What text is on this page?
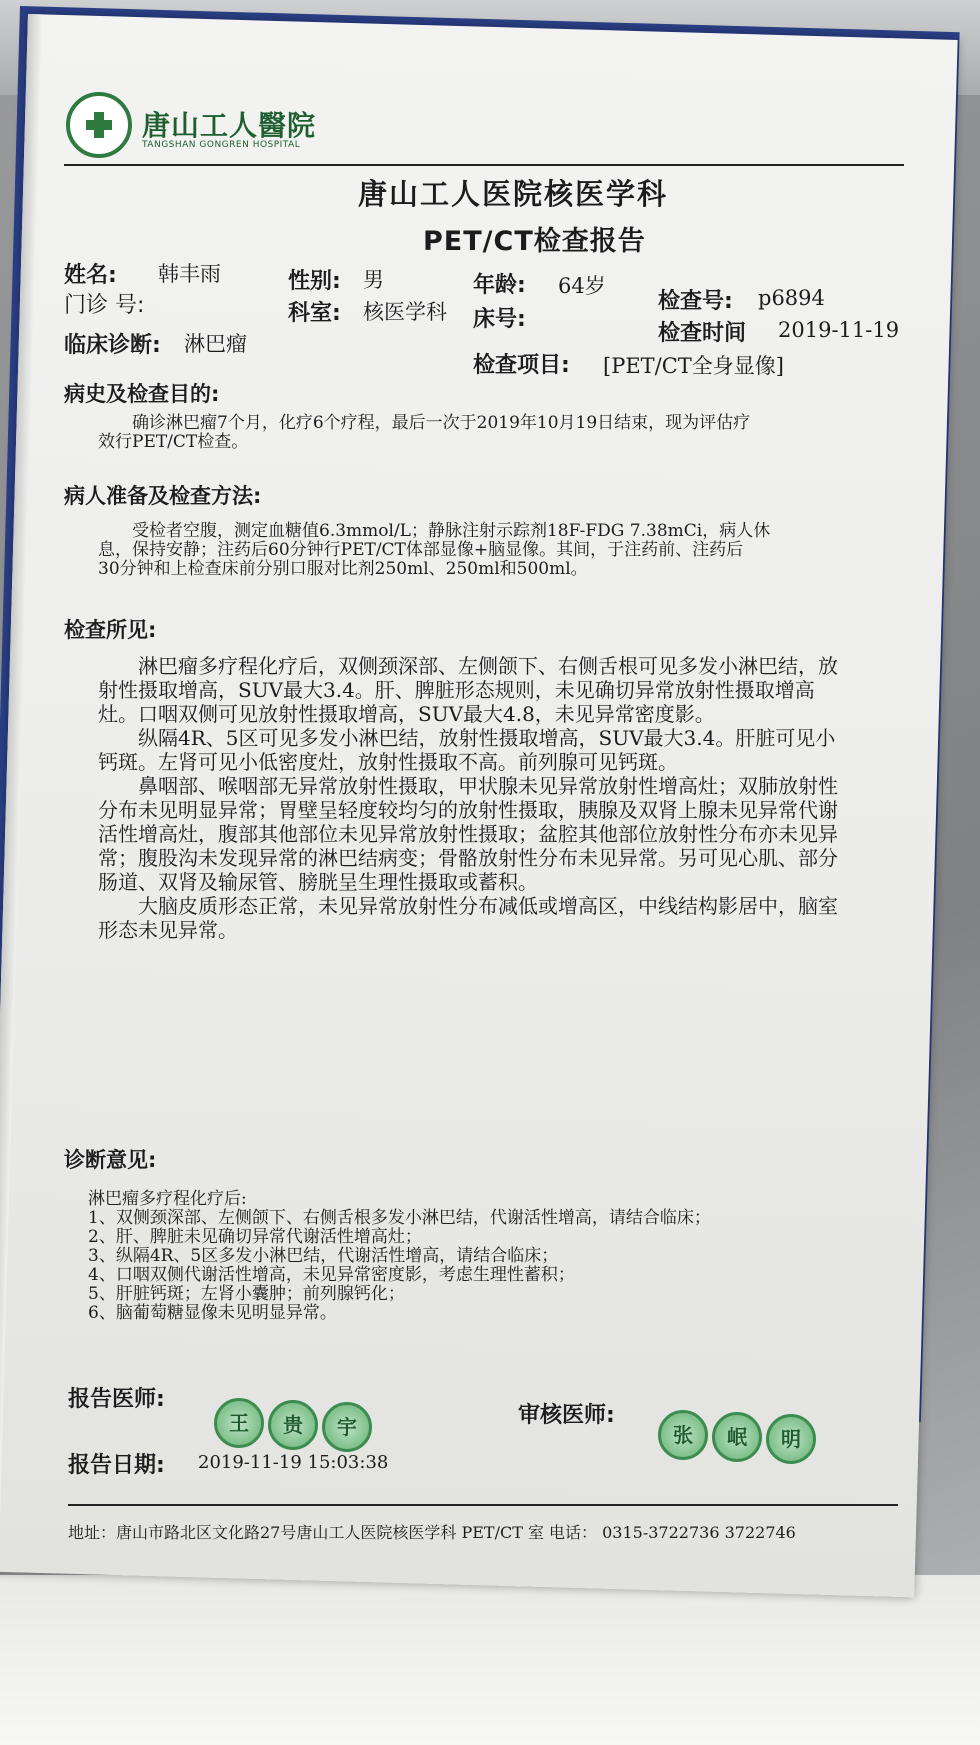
唐山工人醫院
TANGSHAN GONGREN HOSPITAL
唐山工人医院核医学科
PET/CT检查报告
姓名: 韩丰雨	性别: 男	年龄: 64岁
门诊 号:	科室: 核医学科 床号:
检查号: p6894
检查时间 2019-11-19
临床诊断: 淋巴瘤
检查项目: [PET/CT全身显像]
病史及检查目的:
确诊淋巴瘤7个月，化疗6个疗程，最后一次于2019年10月19日结束，现为评估疗
效行PET/CT检查。
病人准备及检查方法:
受检者空腹，测定血糖值6.3mmol/L；静脉注射示踪剂18F-FDG 7.38mCi，病人休
息，保持安静；注药后60分钟行PET/CT体部显像+脑显像。其间，于注药前、注药后
30分钟和上检查床前分别口服对比剂250ml、250ml和500ml。
检查所见:
淋巴瘤多疗程化疗后，双侧颈深部、左侧颌下、右侧舌根可见多发小淋巴结，放射性摄取增高，SUV最大3.4。肝、脾脏形态规则，未见确切异常放射性摄取增高灶。口咽双侧可见放射性摄取增高，SUV最大4.8，未见异常密度影。
纵隔4R、5区可见多发小淋巴结，放射性摄取增高，SUV最大3.4。肝脏可见小钙斑。左肾可见小低密度灶，放射性摄取不高。前列腺可见钙斑。
鼻咽部、喉咽部无异常放射性摄取，甲状腺未见异常放射性增高灶；双肺放射性分布未见明显异常；胃壁呈轻度较均匀的放射性摄取，胰腺及双肾上腺未见异常代谢活性增高灶，腹部其他部位未见异常放射性摄取；盆腔其他部位放射性分布亦未见异常；腹股沟未发现异常的淋巴结病变；骨骼放射性分布未见异常。另可见心肌、部分肠道、双肾及输尿管、膀胱呈生理性摄取或蓄积。
大脑皮质形态正常，未见异常放射性分布减低或增高区，中线结构影居中，脑室形态未见异常。
诊断意见:
淋巴瘤多疗程化疗后:
1、双侧颈深部、左侧颌下、右侧舌根多发小淋巴结，代谢活性增高，请结合临床；
2、肝、脾脏未见确切异常代谢活性增高灶；
3、纵隔4R、5区多发小淋巴结，代谢活性增高，请结合临床；
4、口咽双侧代谢活性增高，未见异常密度影，考虑生理性蓄积；
5、肝脏钙斑；左肾小囊肿；前列腺钙化；
6、脑葡萄糖显像未见明显异常。
报告医师:
王	贵	宇	审核医师:
张	岷	明
报告日期: 2019-11-19 15:03:38
地址：唐山市路北区文化路27号唐山工人医院核医学科 PET/CT 室 电话： 0315-3722736 3722746
